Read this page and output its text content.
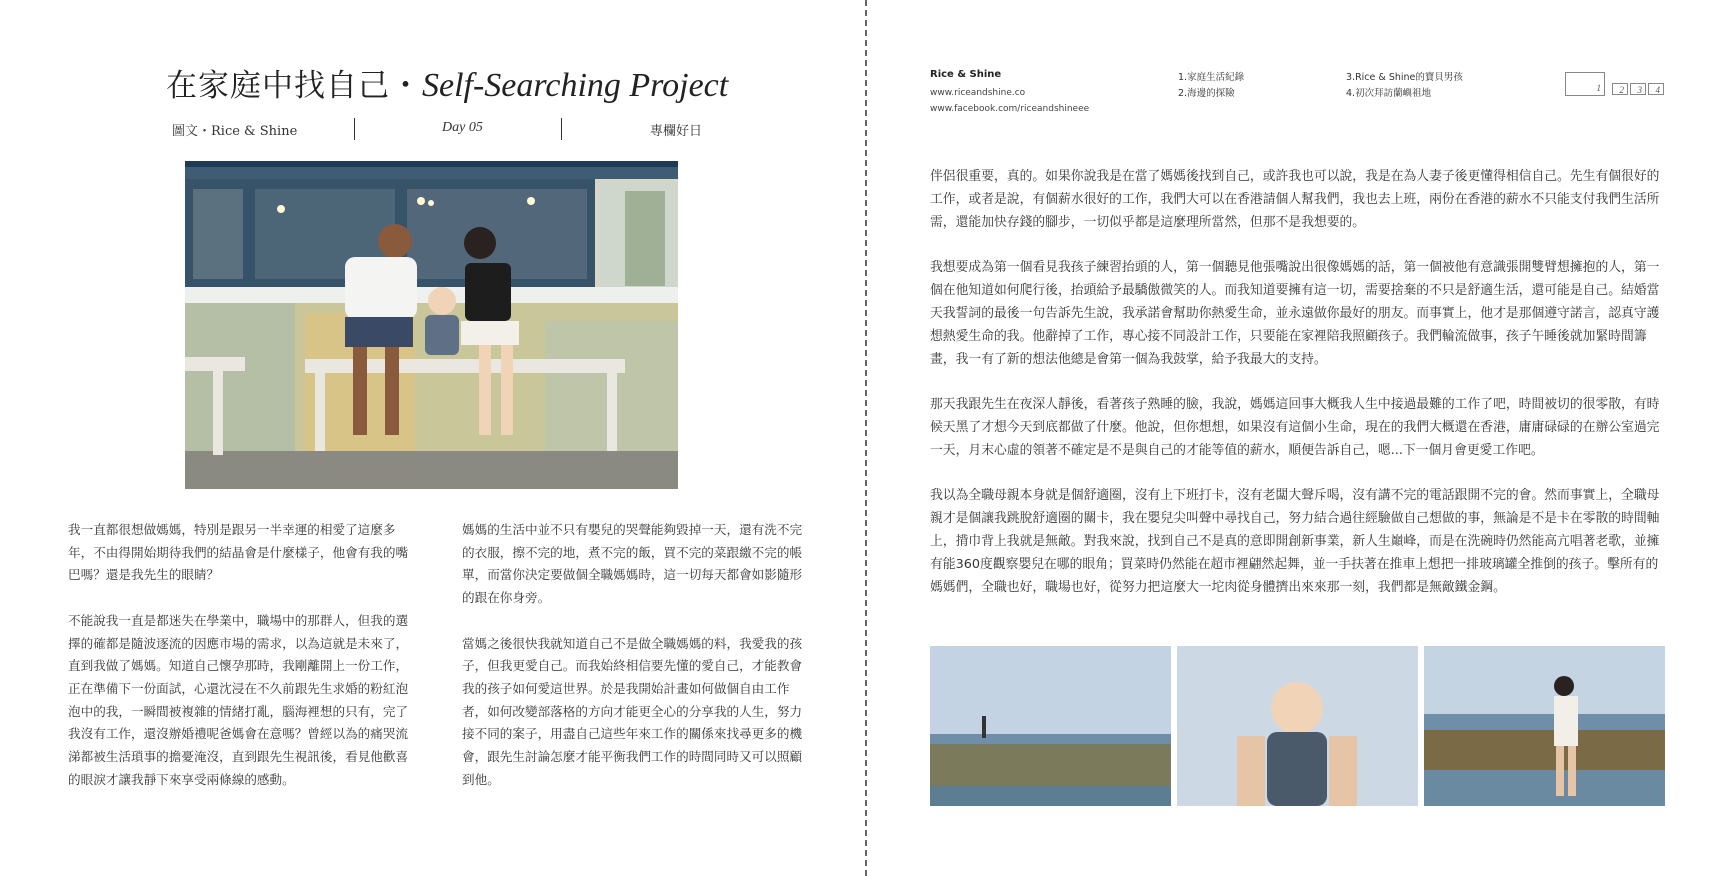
在家庭中找自己・Self-Searching Project
圖文・Rice & Shine	Day 05	專欄好日

我一直都很想做媽媽，特別是跟另一半幸運的相愛了這麼多年，不由得開始期待我們的結晶會是什麼樣子，他會有我的嘴巴嗎？還是我先生的眼睛？

不能說我一直是都迷失在學業中，職場中的那群人，但我的選擇的確都是隨波逐流的因應市場的需求，以為這就是未來了，直到我做了媽媽。知道自己懷孕那時，我剛離開上一份工作，正在準備下一份面試，心還沈浸在不久前跟先生求婚的粉紅泡泡中的我，一瞬間被複雜的情緒打亂，腦海裡想的只有，完了我沒有工作，還沒辦婚禮呢爸媽會在意嗎？曾經以為的痛哭流涕都被生活瑣事的擔憂淹沒，直到跟先生視訊後，看見他歡喜的眼淚才讓我靜下來享受兩條線的感動。

媽媽的生活中並不只有嬰兒的哭聲能夠毀掉一天，還有洗不完的衣服，擦不完的地，煮不完的飯，買不完的菜跟繳不完的帳單，而當你決定要做個全職媽媽時，這一切每天都會如影隨形的跟在你身旁。

當媽之後很快我就知道自己不是做全職媽媽的料，我愛我的孩子，但我更愛自己。而我始終相信要先懂的愛自己，才能教會我的孩子如何愛這世界。於是我開始計畫如何做個自由工作者，如何改變部落格的方向才能更全心的分享我的人生，努力接不同的案子，用盡自己這些年來工作的關係來找尋更多的機會，跟先生討論怎麼才能平衡我們工作的時間同時又可以照顧到他。

Rice & Shine
www.riceandshine.co
www.facebook.com/riceandshineee
1.家庭生活紀錄
2.海邊的探險
3.Rice & Shine的寶貝男孩
4.初次拜訪蘭嶼祖地	1	2	3	4

伴侶很重要，真的。如果你說我是在當了媽媽後找到自己，或許我也可以說，我是在為人妻子後更懂得相信自己。先生有個很好的工作，或者是說，有個薪水很好的工作，我們大可以在香港請個人幫我們，我也去上班，兩份在香港的薪水不只能支付我們生活所需，還能加快存錢的腳步，一切似乎都是這麼理所當然，但那不是我想要的。

我想要成為第一個看見我孩子練習抬頭的人，第一個聽見他張嘴說出很像媽媽的話，第一個被他有意識張開雙臂想擁抱的人，第一個在他知道如何爬行後，抬頭給予最驕傲微笑的人。而我知道要擁有這一切，需要捨棄的不只是舒適生活，還可能是自己。結婚當天我誓詞的最後一句告訴先生說，我承諾會幫助你熱愛生命，並永遠做你最好的朋友。而事實上，他才是那個遵守諾言，認真守護想熱愛生命的我。他辭掉了工作，專心接不同設計工作，只要能在家裡陪我照顧孩子。我們輪流做事，孩子午睡後就加緊時間籌畫，我一有了新的想法他總是會第一個為我鼓掌，給予我最大的支持。

那天我跟先生在夜深人靜後，看著孩子熟睡的臉，我說，媽媽這回事大概我人生中接過最難的工作了吧，時間被切的很零散，有時候天黑了才想今天到底都做了什麼。他說，但你想想，如果沒有這個小生命，現在的我們大概還在香港，庸庸碌碌的在辦公室過完一天，月末心虛的領著不確定是不是與自己的才能等值的薪水，順便告訴自己，嗯...下一個月會更愛工作吧。

我以為全職母親本身就是個舒適圈，沒有上下班打卡，沒有老闆大聲斥喝，沒有講不完的電話跟開不完的會。然而事實上，全職母親才是個讓我跳脫舒適圈的關卡，我在嬰兒尖叫聲中尋找自己，努力結合過往經驗做自己想做的事，無論是不是卡在零散的時間軸上，揹巾背上我就是無敵。對我來說，找到自己不是真的意即開創新事業，新人生巔峰，而是在洗碗時仍然能高亢唱著老歌，並擁有能360度觀察嬰兒在哪的眼角；買菜時仍然能在超市裡翩然起舞，並一手扶著在推車上想把一排玻璃罐全推倒的孩子。擊所有的媽媽們，全職也好，職場也好，從努力把這麼大一坨肉從身體擠出來來那一刻，我們都是無敵鐵金鋼。
